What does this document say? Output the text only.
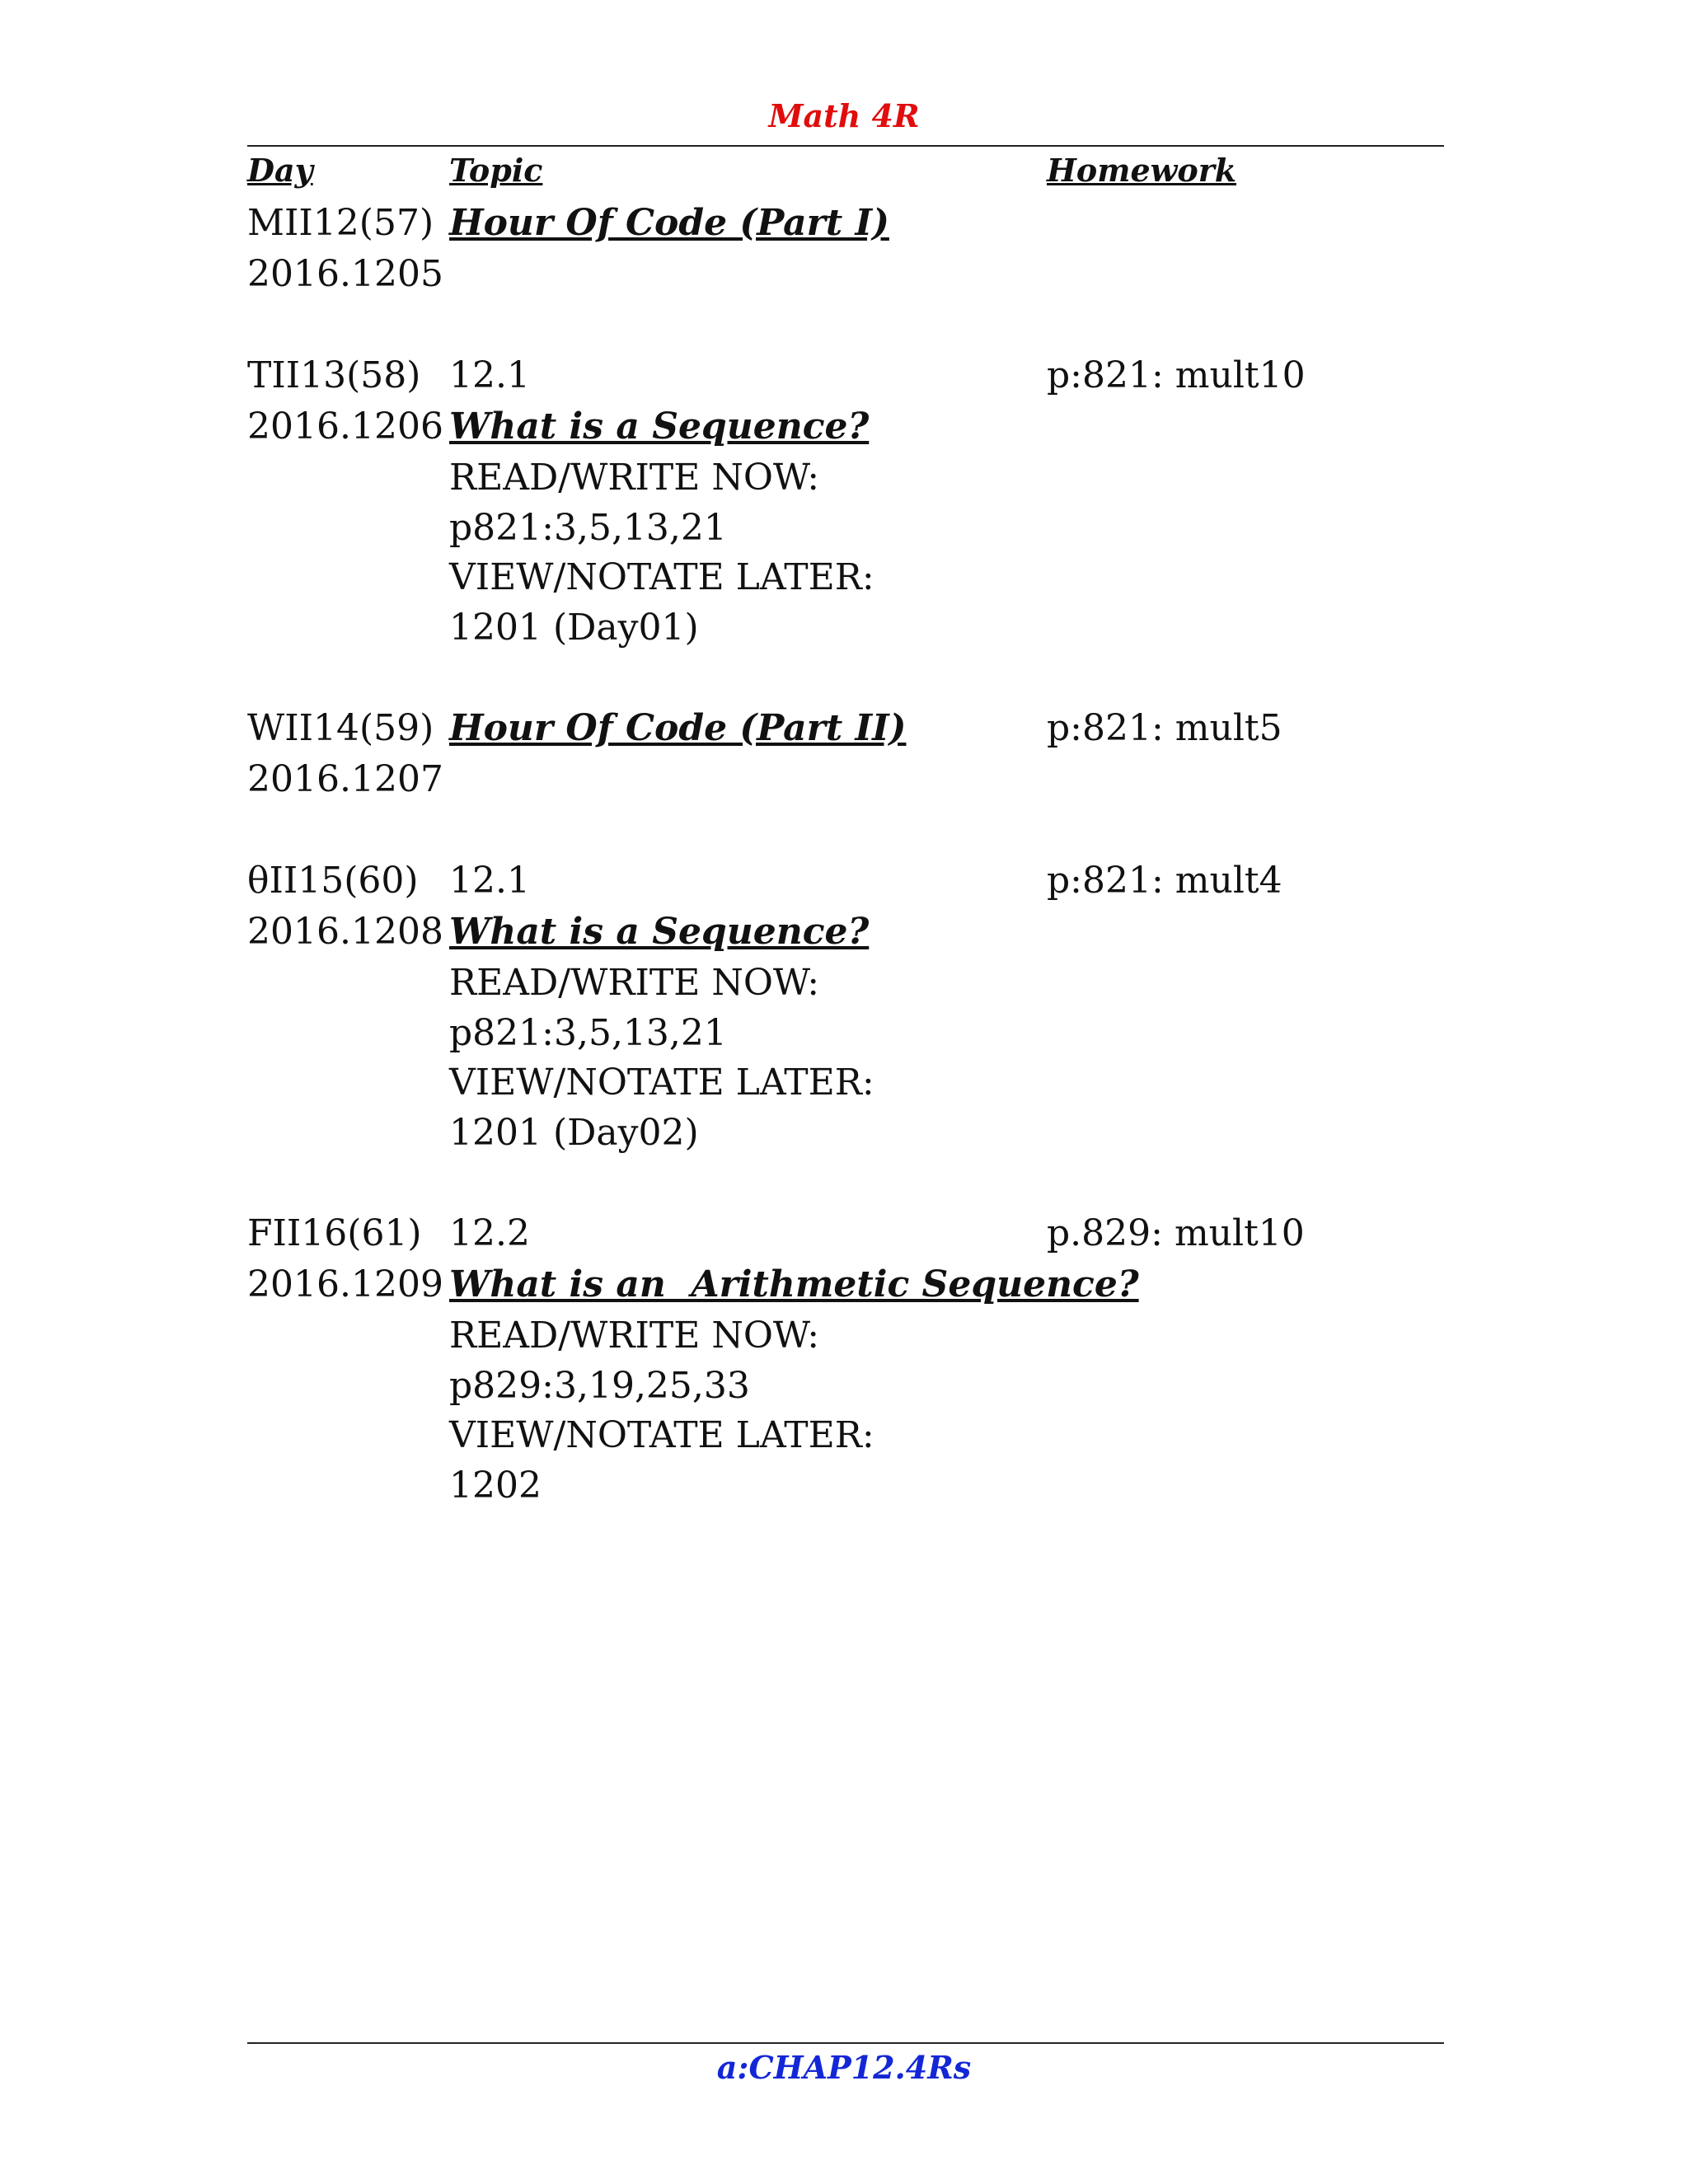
Math 4R
Day	Topic	Homework
MII12(57) Hour Of Code (Part I)
2016.1205
TII13(58) 12.1	p:821: mult10
2016.1206 What is a Sequence?
READ/WRITE NOW:
p821:3,5,13,21
VIEW/NOTATE LATER:
1201 (Day01)
WII14(59) Hour Of Code (Part II)	p:821: mult5
2016.1207
θII15(60) 12.1	p:821: mult4
2016.1208 What is a Sequence?
READ/WRITE NOW:
p821:3,5,13,21
VIEW/NOTATE LATER:
1201 (Day02)
FII16(61) 12.2	p.829: mult10
2016.1209 What is an  Arithmetic Sequence?
READ/WRITE NOW:
p829:3,19,25,33
VIEW/NOTATE LATER:
1202
a:CHAP12.4Rs
